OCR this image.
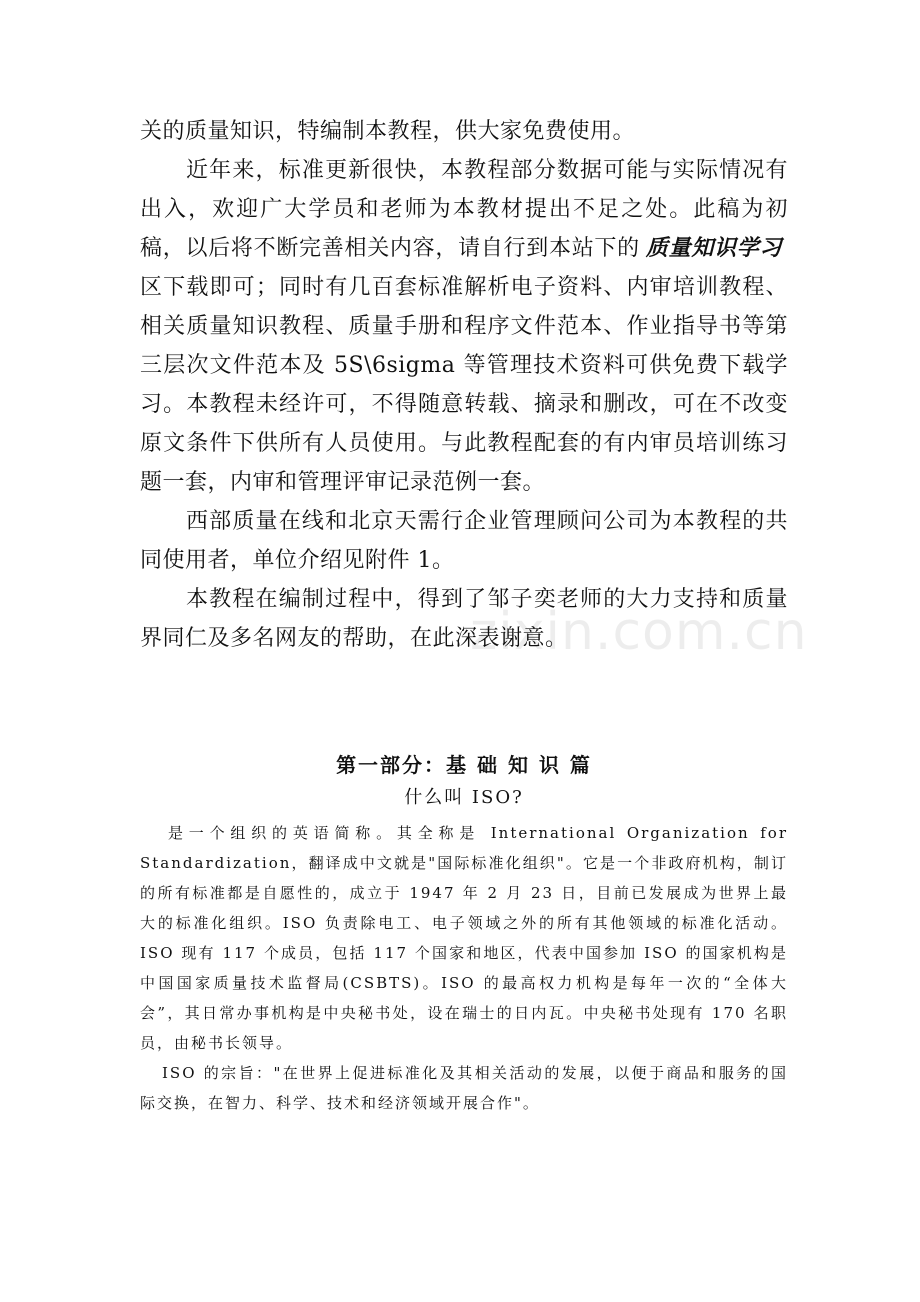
关的质量知识，特编制本教程，供大家免费使用。

近年来，标准更新很快，本教程部分数据可能与实际情况有出入，欢迎广大学员和老师为本教材提出不足之处。此稿为初稿，以后将不断完善相关内容，请自行到本站下的 质量知识学习区下载即可；同时有几百套标准解析电子资料、内审培训教程、相关质量知识教程、质量手册和程序文件范本、作业指导书等第三层次文件范本及 5S\6sigma 等管理技术资料可供免费下载学习。本教程未经许可，不得随意转载、摘录和删改，可在不改变原文条件下供所有人员使用。与此教程配套的有内审员培训练习题一套，内审和管理评审记录范例一套。

西部质量在线和北京天需行企业管理顾问公司为本教程的共同使用者，单位介绍见附件 1。

本教程在编制过程中，得到了邹子奕老师的大力支持和质量界同仁及多名网友的帮助，在此深表谢意。

第一部分：基 础 知 识 篇
什么叫 ISO?

是一个组织的英语简称。其全称是 International Organization for Standardization，翻译成中文就是"国际标准化组织"。它是一个非政府机构，制订的所有标准都是自愿性的，成立于 1947 年 2 月 23 日，目前已发展成为世界上最大的标准化组织。ISO 负责除电工、电子领域之外的所有其他领域的标准化活动。ISO 现有 117 个成员，包括 117 个国家和地区，代表中国参加 ISO 的国家机构是中国国家质量技术监督局(CSBTS)。ISO 的最高权力机构是每年一次的“全体大会”，其日常办事机构是中央秘书处，设在瑞士的日内瓦。中央秘书处现有 170 名职员，由秘书长领导。

ISO 的宗旨："在世界上促进标准化及其相关活动的发展，以便于商品和服务的国际交换，在智力、科学、技术和经济领域开展合作"。

zixin.com.cn
